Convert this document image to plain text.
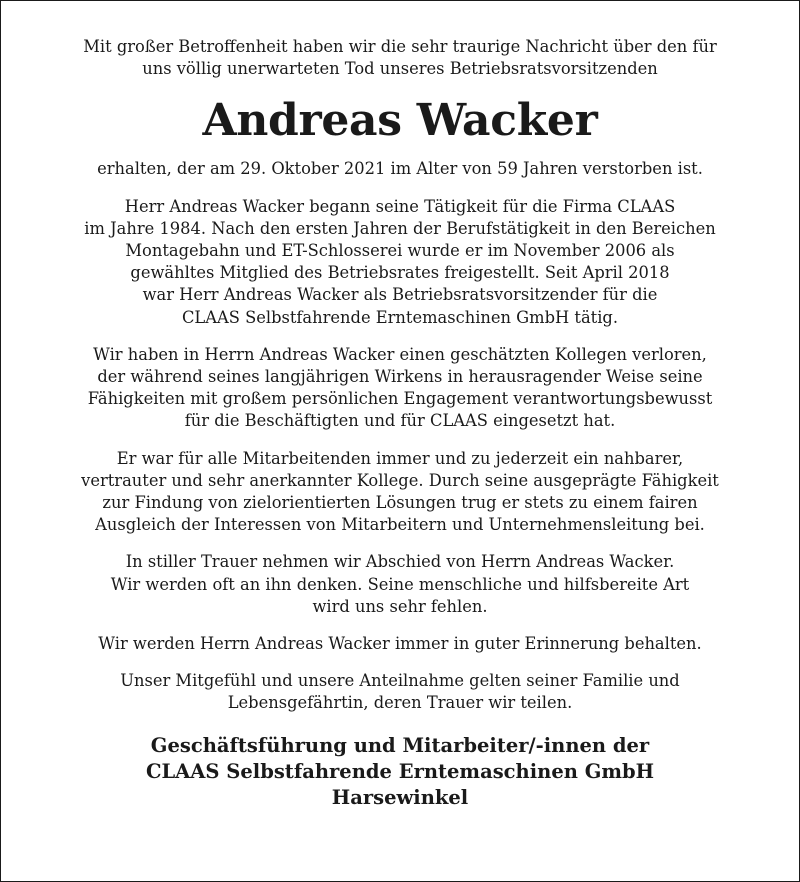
Mit großer Betroffenheit haben wir die sehr traurige Nachricht über den für
uns völlig unerwarteten Tod unseres Betriebsratsvorsitzenden
Andreas Wacker
erhalten, der am 29. Oktober 2021 im Alter von 59 Jahren verstorben ist.
Herr Andreas Wacker begann seine Tätigkeit für die Firma CLAAS
im Jahre 1984. Nach den ersten Jahren der Berufstätigkeit in den Bereichen
Montagebahn und ET-Schlosserei wurde er im November 2006 als
gewähltes Mitglied des Betriebsrates freigestellt. Seit April 2018
war Herr Andreas Wacker als Betriebsratsvorsitzender für die
CLAAS Selbstfahrende Erntemaschinen GmbH tätig.
Wir haben in Herrn Andreas Wacker einen geschätzten Kollegen verloren,
der während seines langjährigen Wirkens in herausragender Weise seine
Fähigkeiten mit großem persönlichen Engagement verantwortungsbewusst
für die Beschäftigten und für CLAAS eingesetzt hat.
Er war für alle Mitarbeitenden immer und zu jederzeit ein nahbarer,
vertrauter und sehr anerkannter Kollege. Durch seine ausgeprägte Fähigkeit
zur Findung von zielorientierten Lösungen trug er stets zu einem fairen
Ausgleich der Interessen von Mitarbeitern und Unternehmensleitung bei.
In stiller Trauer nehmen wir Abschied von Herrn Andreas Wacker.
Wir werden oft an ihn denken. Seine menschliche und hilfsbereite Art
wird uns sehr fehlen.
Wir werden Herrn Andreas Wacker immer in guter Erinnerung behalten.
Unser Mitgefühl und unsere Anteilnahme gelten seiner Familie und
Lebensgefährtin, deren Trauer wir teilen.
Geschäftsführung und Mitarbeiter/-innen der
CLAAS Selbstfahrende Erntemaschinen GmbH
Harsewinkel
